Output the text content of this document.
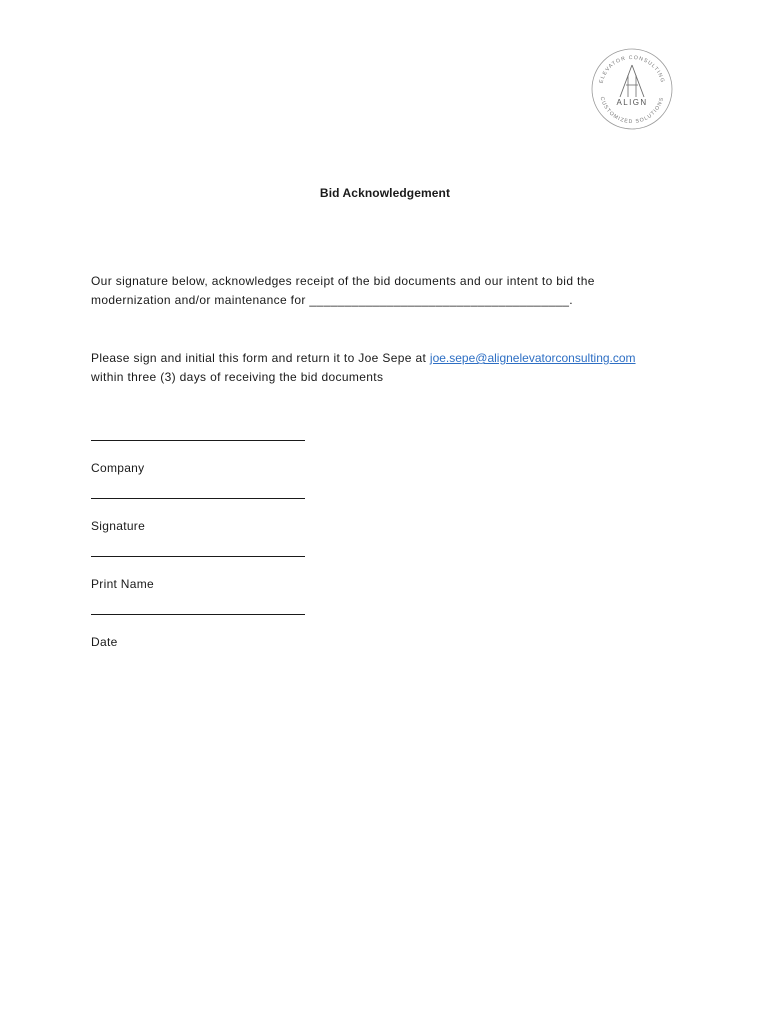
ELEVATOR CONSULTING
ALIGN
CUSTOMIZED SOLUTIONS
Bid Acknowledgement
Our signature below, acknowledges receipt of the bid documents and our intent to bid the
modernization and/or maintenance for _____________________________________.
Please sign and initial this form and return it to Joe Sepe at joe.sepe@alignelevatorconsulting.com
within three (3) days of receiving the bid documents
Company
Signature
Print Name
Date
